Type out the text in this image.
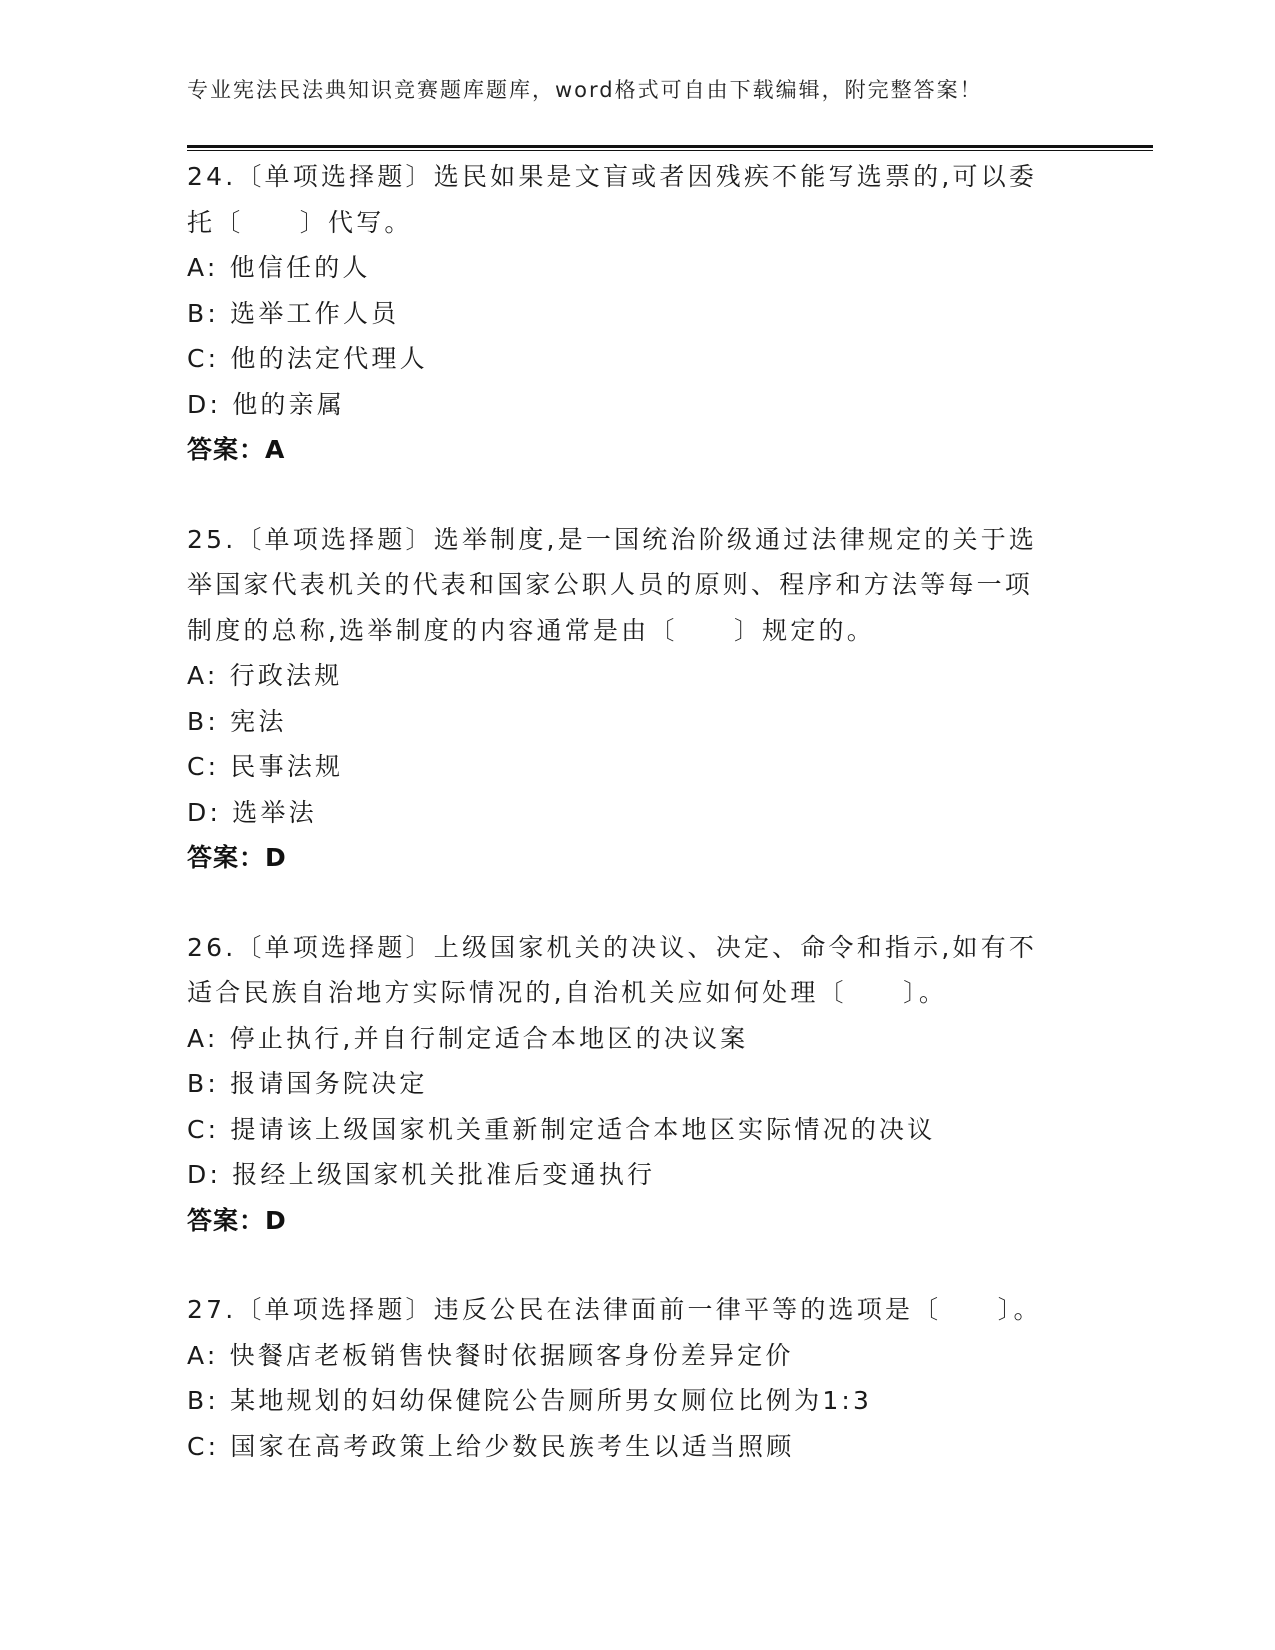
专业宪法民法典知识竞赛题库题库，word格式可自由下载编辑，附完整答案！
24.〔单项选择题〕选民如果是文盲或者因残疾不能写选票的,可以委
托〔　　〕代写。
A: 他信任的人
B: 选举工作人员
C: 他的法定代理人
D: 他的亲属
答案：A
25.〔单项选择题〕选举制度,是一国统治阶级通过法律规定的关于选
举国家代表机关的代表和国家公职人员的原则、程序和方法等每一项
制度的总称,选举制度的内容通常是由〔　　〕规定的。
A: 行政法规
B: 宪法
C: 民事法规
D: 选举法
答案：D
26.〔单项选择题〕上级国家机关的决议、决定、命令和指示,如有不
适合民族自治地方实际情况的,自治机关应如何处理〔　　〕。
A: 停止执行,并自行制定适合本地区的决议案
B: 报请国务院决定
C: 提请该上级国家机关重新制定适合本地区实际情况的决议
D: 报经上级国家机关批准后变通执行
答案：D
27.〔单项选择题〕违反公民在法律面前一律平等的选项是〔　　〕。
A: 快餐店老板销售快餐时依据顾客身份差异定价
B: 某地规划的妇幼保健院公告厕所男女厕位比例为1:3
C: 国家在高考政策上给少数民族考生以适当照顾
